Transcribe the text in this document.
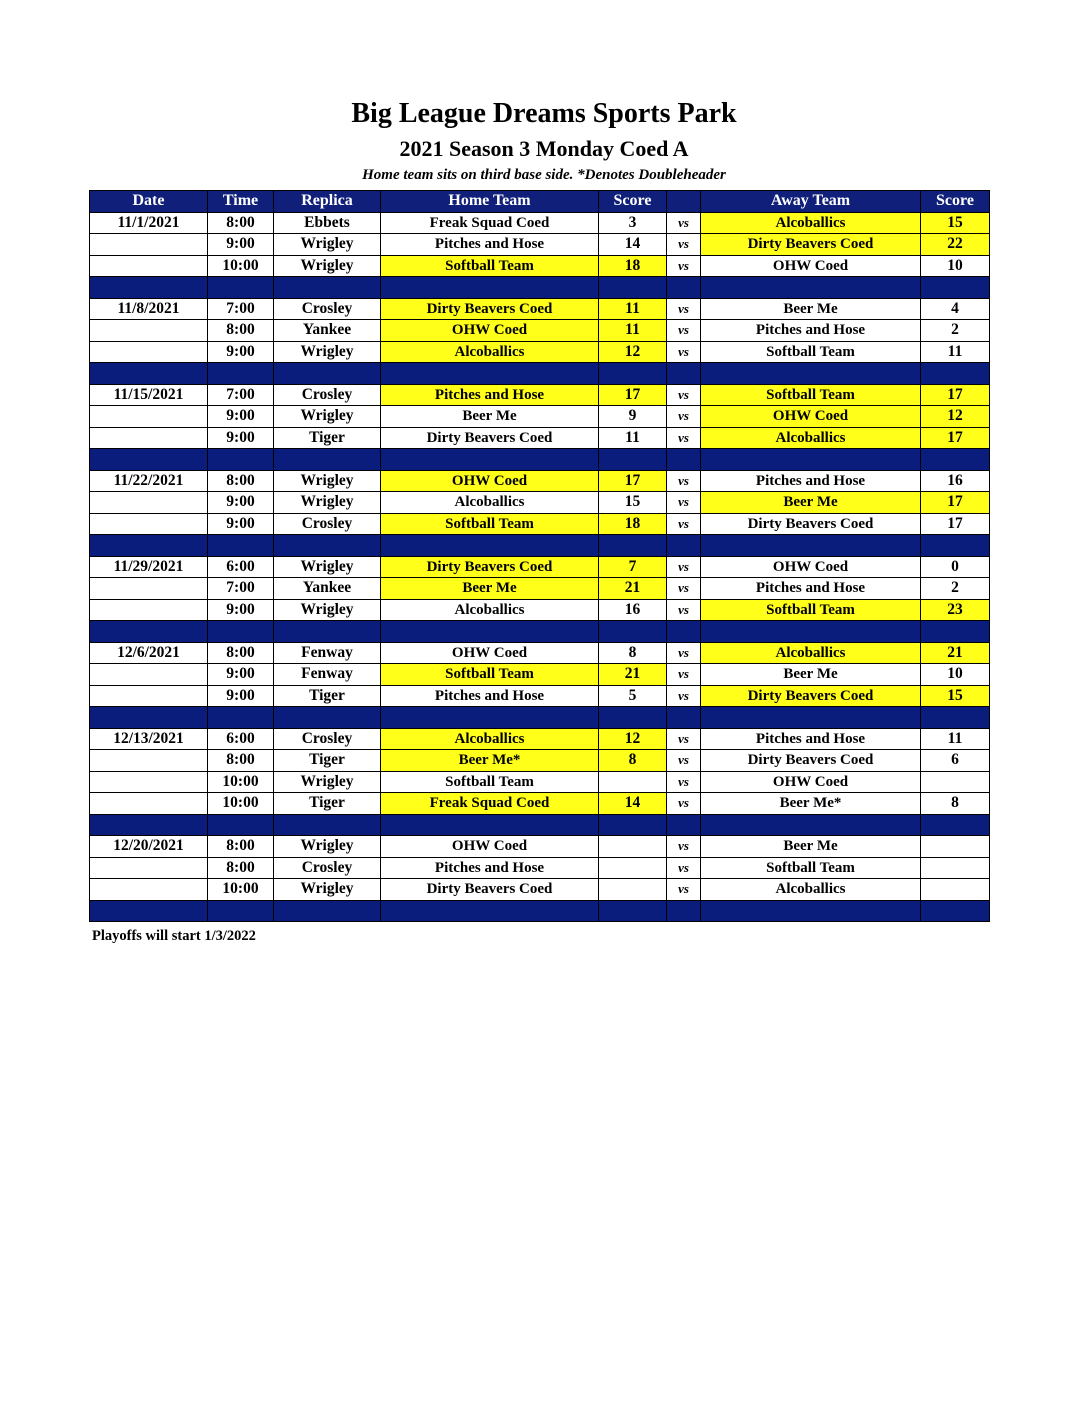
Big League Dreams Sports Park
2021 Season 3 Monday Coed A
Home team sits on third base side. *Denotes Doubleheader
Date	Time	Replica	Home Team	Score		Away Team	Score
11/1/2021	8:00	Ebbets	Freak Squad Coed	3	vs	Alcoballics	15
	9:00	Wrigley	Pitches and Hose	14	vs	Dirty Beavers Coed	22
	10:00	Wrigley	Softball Team	18	vs	OHW Coed	10

11/8/2021	7:00	Crosley	Dirty Beavers Coed	11	vs	Beer Me	4
	8:00	Yankee	OHW Coed	11	vs	Pitches and Hose	2
	9:00	Wrigley	Alcoballics	12	vs	Softball Team	11

11/15/2021	7:00	Crosley	Pitches and Hose	17	vs	Softball Team	17
	9:00	Wrigley	Beer Me	9	vs	OHW Coed	12
	9:00	Tiger	Dirty Beavers Coed	11	vs	Alcoballics	17

11/22/2021	8:00	Wrigley	OHW Coed	17	vs	Pitches and Hose	16
	9:00	Wrigley	Alcoballics	15	vs	Beer Me	17
	9:00	Crosley	Softball Team	18	vs	Dirty Beavers Coed	17

11/29/2021	6:00	Wrigley	Dirty Beavers Coed	7	vs	OHW Coed	0
	7:00	Yankee	Beer Me	21	vs	Pitches and Hose	2
	9:00	Wrigley	Alcoballics	16	vs	Softball Team	23

12/6/2021	8:00	Fenway	OHW Coed	8	vs	Alcoballics	21
	9:00	Fenway	Softball Team	21	vs	Beer Me	10
	9:00	Tiger	Pitches and Hose	5	vs	Dirty Beavers Coed	15

12/13/2021	6:00	Crosley	Alcoballics	12	vs	Pitches and Hose	11
	8:00	Tiger	Beer Me*	8	vs	Dirty Beavers Coed	6
	10:00	Wrigley	Softball Team		vs	OHW Coed	
	10:00	Tiger	Freak Squad Coed	14	vs	Beer Me*	8

12/20/2021	8:00	Wrigley	OHW Coed		vs	Beer Me	
	8:00	Crosley	Pitches and Hose		vs	Softball Team	
	10:00	Wrigley	Dirty Beavers Coed		vs	Alcoballics	

Playoffs will start 1/3/2022
